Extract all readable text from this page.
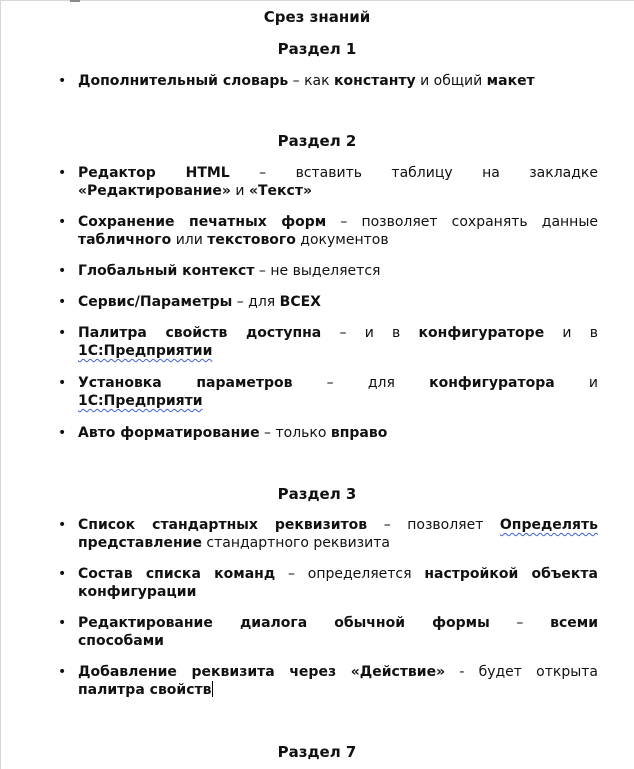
Срез знаний
Раздел 1
• Дополнительный словарь – как константу и общий макет
Раздел 2
• Редактор HTML – вставить таблицу на закладке
«Редактирование» и «Текст»
• Сохранение печатных форм – позволяет сохранять данные
табличного или текстового документов
• Глобальный контекст – не выделяется
• Сервис/Параметры – для ВСЕХ
• Палитра свойств доступна – и в конфигураторе и в
1С:Предприятии
• Установка параметров – для конфигуратора и
1С:Предприяти
• Авто форматирование – только вправо
Раздел 3
• Список стандартных реквизитов – позволяет Определять
представление стандартного реквизита
• Состав списка команд – определяется настройкой объекта
конфигурации
• Редактирование диалога обычной формы – всеми
способами
• Добавление реквизита через «Действие» - будет открыта
палитра свойств
Раздел 7
